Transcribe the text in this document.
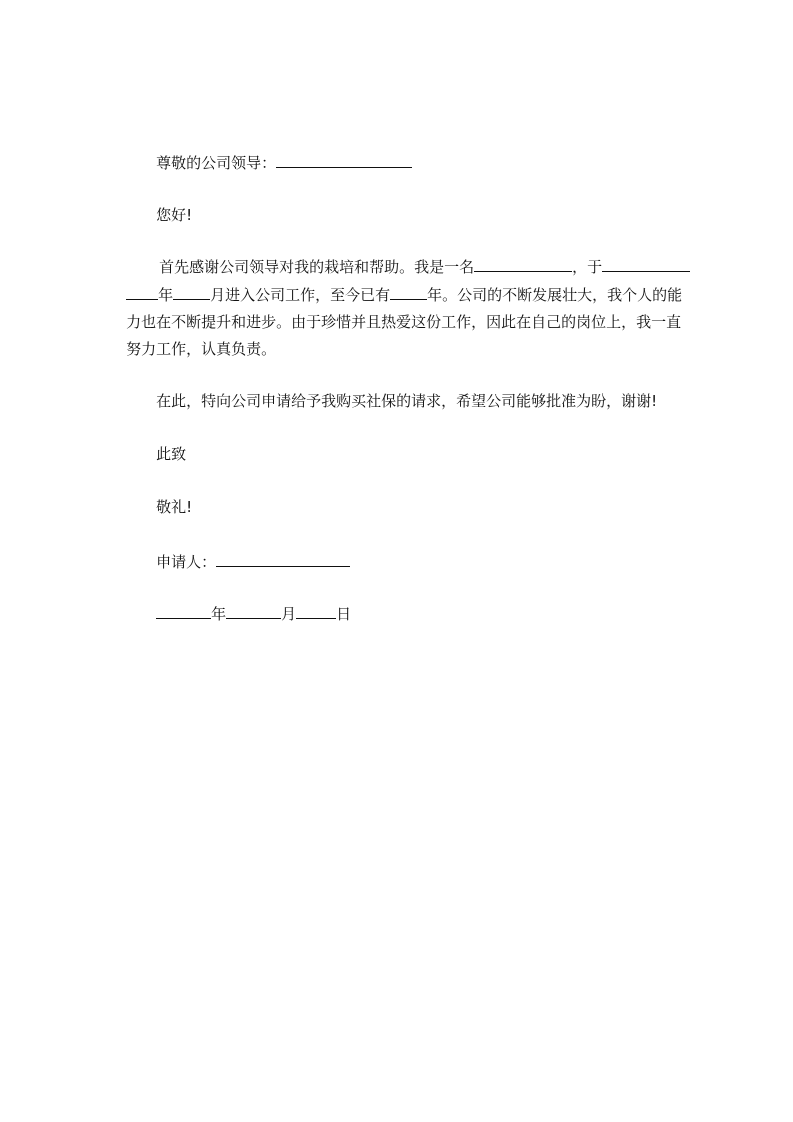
尊敬的公司领导：

您好!

首先感谢公司领导对我的栽培和帮助。我是一名	，于

年 月进入公司工作，至今已有 年。公司的不断发展壮大，我个人的能

力也在不断提升和进步。由于珍惜并且热爱这份工作，因此在自己的岗位上，我一直

努力工作，认真负责。

在此，特向公司申请给予我购买社保的请求，希望公司能够批准为盼，谢谢!

此致

敬礼!

申请人：

年	月	日
